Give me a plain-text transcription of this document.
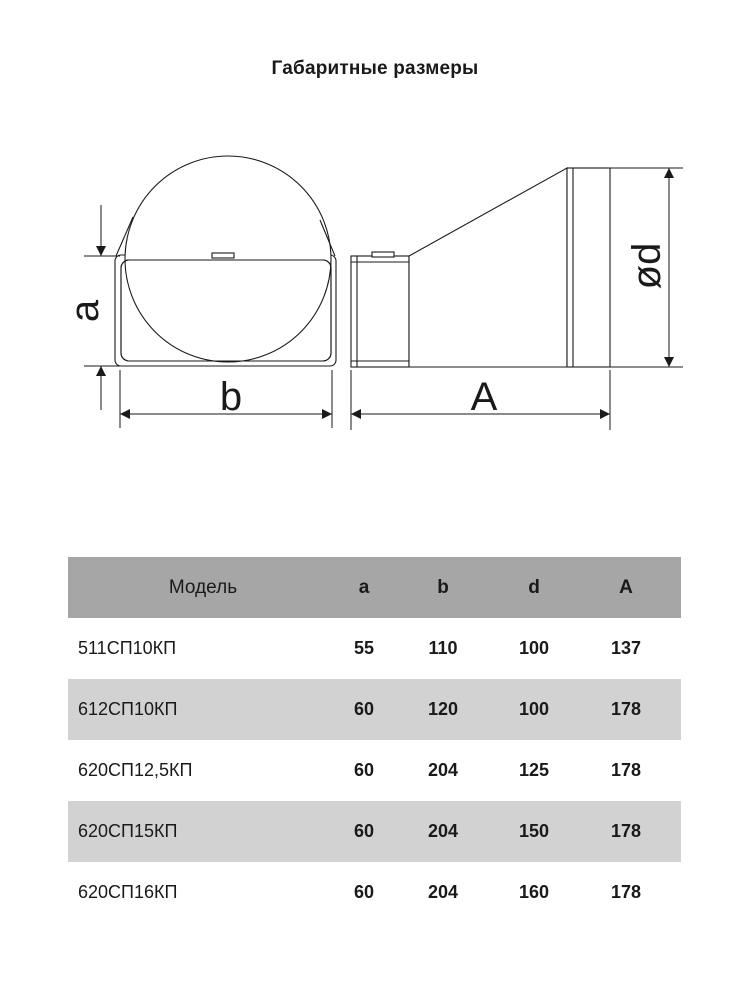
Габаритные размеры
a
b	A
ød
Модель	a	b	d	A
511СП10КП	55	110	100	137
612СП10КП	60	120	100	178
620СП12,5КП	60	204	125	178
620СП15КП	60	204	150	178
620СП16КП	60	204	160	178
